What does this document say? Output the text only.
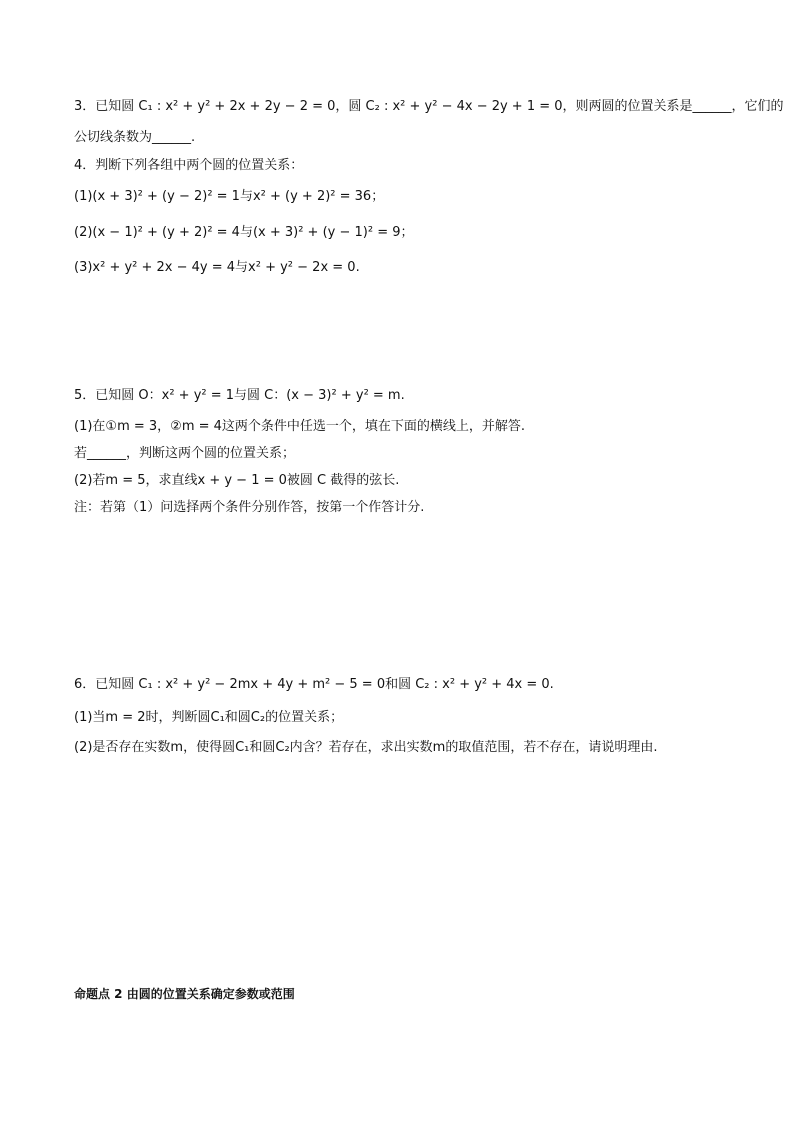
3．已知圆 C₁ : x² + y² + 2x + 2y − 2 = 0，圆 C₂ : x² + y² − 4x − 2y + 1 = 0，则两圆的位置关系是______，它们的
公切线条数为______.
4．判断下列各组中两个圆的位置关系：
(1)(x + 3)² + (y − 2)² = 1与x² + (y + 2)² = 36；
(2)(x − 1)² + (y + 2)² = 4与(x + 3)² + (y − 1)² = 9；
(3)x² + y² + 2x − 4y = 4与x² + y² − 2x = 0.
5．已知圆 O：x² + y² = 1与圆 C：(x − 3)² + y² = m.
(1)在①m = 3，②m = 4这两个条件中任选一个，填在下面的横线上，并解答.
若______，判断这两个圆的位置关系；
(2)若m = 5，求直线x + y − 1 = 0被圆 C 截得的弦长.
注：若第（1）问选择两个条件分别作答，按第一个作答计分.
6．已知圆 C₁ : x² + y² − 2mx + 4y + m² − 5 = 0和圆 C₂ : x² + y² + 4x = 0.
(1)当m = 2时，判断圆C₁和圆C₂的位置关系；
(2)是否存在实数m，使得圆C₁和圆C₂内含？若存在，求出实数m的取值范围，若不存在，请说明理由.
命题点 2 由圆的位置关系确定参数或范围
